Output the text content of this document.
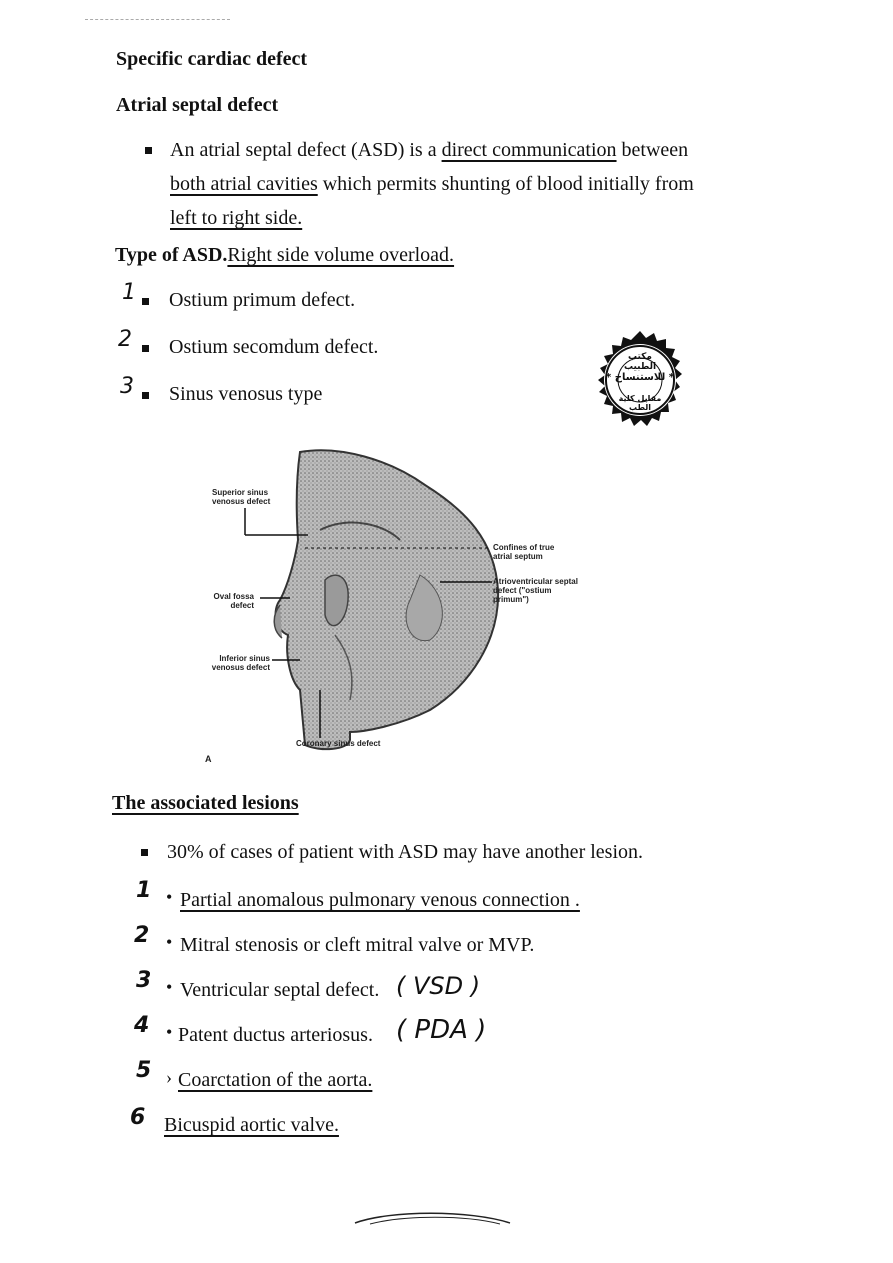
Specific cardiac defect
Atrial septal defect
An atrial septal defect (ASD) is a direct communication between
both atrial cavities which permits shunting of blood initially from
left to right side.
Type of ASD.Right side volume overload.
1 Ostium primum defect.
2 Ostium secomdum defect.
3 Sinus venosus type
مكتب الطبيب
* للاستنساخ *
مقابل كلية الطب
Superior sinus venosus defect
Oval fossa defect
Inferior sinus venosus defect
Coronary sinus defect
Confines of true atrial septum
Atrioventricular septal defect ("ostium primum")
A
The associated lesions
30% of cases of patient with ASD may have another lesion.
1 • Partial anomalous pulmonary venous connection .
2 • Mitral stenosis or cleft mitral valve or MVP.
3 • Ventricular septal defect. ( VSD )
4 • Patent ductus arteriosus. ( PDA )
5 › Coarctation of the aorta.
6 Bicuspid aortic valve.
